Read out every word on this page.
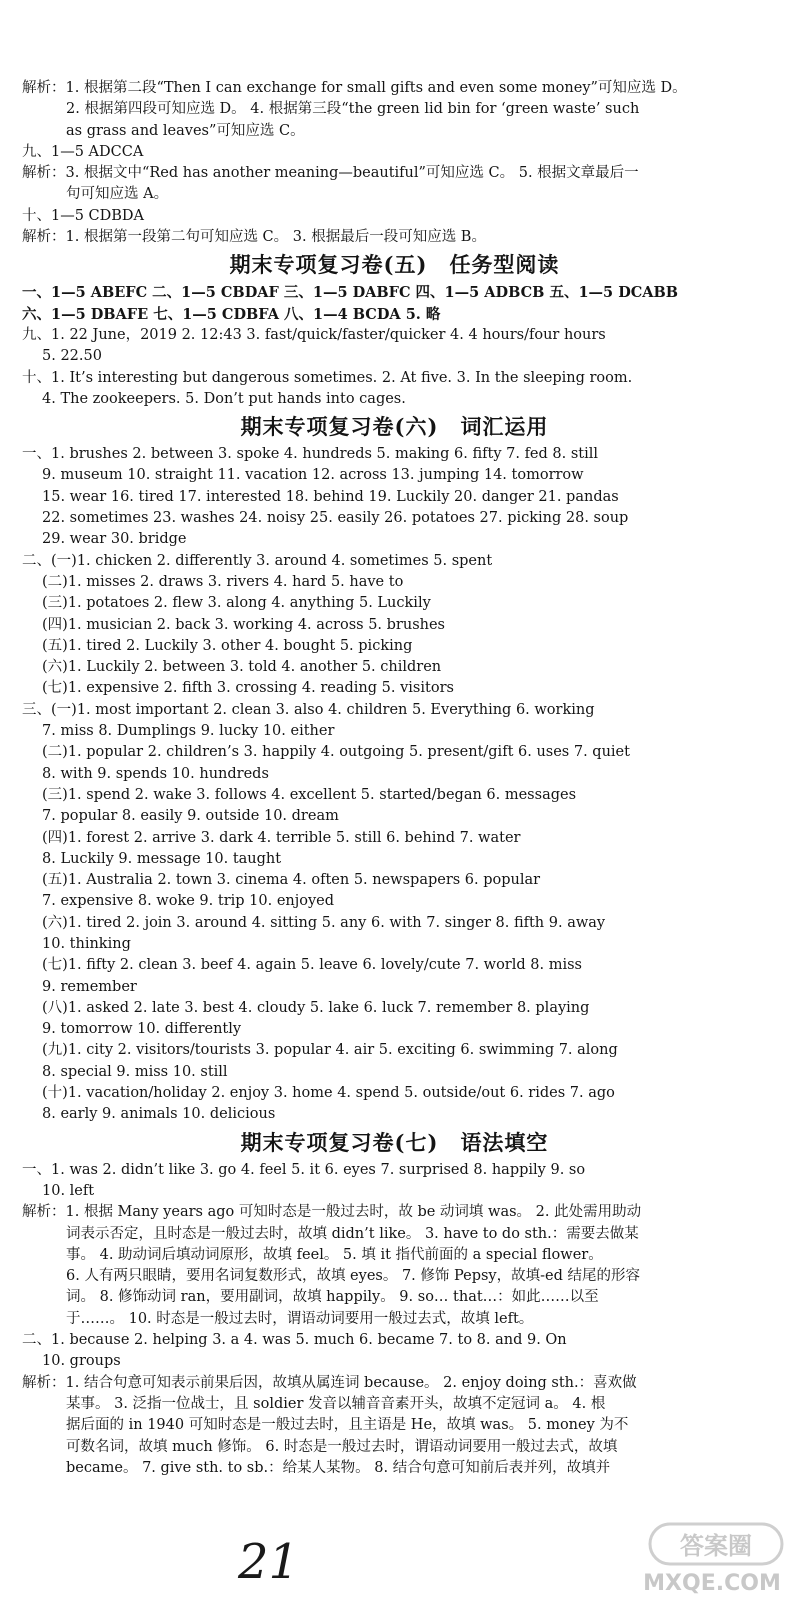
解析：1. 根据第二段“Then I can exchange for small gifts and even some money”可知应选 D。
2. 根据第四段可知应选 D。 4. 根据第三段“the green lid bin for ‘green waste’ such
as grass and leaves”可知应选 C。
九、1—5 ADCCA
解析：3. 根据文中“Red has another meaning—beautiful”可知应选 C。 5. 根据文章最后一
句可知应选 A。
十、1—5 CDBDA
解析：1. 根据第一段第二句可知应选 C。 3. 根据最后一段可知应选 B。
期末专项复习卷(五) 任务型阅读
一、1—5 ABEFC 二、1—5 CBDAF 三、1—5 DABFC 四、1—5 ADBCB 五、1—5 DCABB
六、1—5 DBAFE 七、1—5 CDBFA 八、1—4 BCDA 5. 略
九、1. 22 June，2019 2. 12:43 3. fast/quick/faster/quicker 4. 4 hours/four hours
5. 22.50
十、1. It’s interesting but dangerous sometimes. 2. At five. 3. In the sleeping room.
4. The zookeepers. 5. Don’t put hands into cages.
期末专项复习卷(六) 词汇运用
一、1. brushes 2. between 3. spoke 4. hundreds 5. making 6. fifty 7. fed 8. still
9. museum 10. straight 11. vacation 12. across 13. jumping 14. tomorrow
15. wear 16. tired 17. interested 18. behind 19. Luckily 20. danger 21. pandas
22. sometimes 23. washes 24. noisy 25. easily 26. potatoes 27. picking 28. soup
29. wear 30. bridge
二、(一)1. chicken 2. differently 3. around 4. sometimes 5. spent
(二)1. misses 2. draws 3. rivers 4. hard 5. have to
(三)1. potatoes 2. flew 3. along 4. anything 5. Luckily
(四)1. musician 2. back 3. working 4. across 5. brushes
(五)1. tired 2. Luckily 3. other 4. bought 5. picking
(六)1. Luckily 2. between 3. told 4. another 5. children
(七)1. expensive 2. fifth 3. crossing 4. reading 5. visitors
三、(一)1. most important 2. clean 3. also 4. children 5. Everything 6. working
7. miss 8. Dumplings 9. lucky 10. either
(二)1. popular 2. children’s 3. happily 4. outgoing 5. present/gift 6. uses 7. quiet
8. with 9. spends 10. hundreds
(三)1. spend 2. wake 3. follows 4. excellent 5. started/began 6. messages
7. popular 8. easily 9. outside 10. dream
(四)1. forest 2. arrive 3. dark 4. terrible 5. still 6. behind 7. water
8. Luckily 9. message 10. taught
(五)1. Australia 2. town 3. cinema 4. often 5. newspapers 6. popular
7. expensive 8. woke 9. trip 10. enjoyed
(六)1. tired 2. join 3. around 4. sitting 5. any 6. with 7. singer 8. fifth 9. away
10. thinking
(七)1. fifty 2. clean 3. beef 4. again 5. leave 6. lovely/cute 7. world 8. miss
9. remember
(八)1. asked 2. late 3. best 4. cloudy 5. lake 6. luck 7. remember 8. playing
9. tomorrow 10. differently
(九)1. city 2. visitors/tourists 3. popular 4. air 5. exciting 6. swimming 7. along
8. special 9. miss 10. still
(十)1. vacation/holiday 2. enjoy 3. home 4. spend 5. outside/out 6. rides 7. ago
8. early 9. animals 10. delicious
期末专项复习卷(七) 语法填空
一、1. was 2. didn’t like 3. go 4. feel 5. it 6. eyes 7. surprised 8. happily 9. so
10. left
解析：1. 根据 Many years ago 可知时态是一般过去时，故 be 动词填 was。 2. 此处需用助动
词表示否定，且时态是一般过去时，故填 didn’t like。 3. have to do sth.：需要去做某
事。 4. 助动词后填动词原形，故填 feel。 5. 填 it 指代前面的 a special flower。
6. 人有两只眼睛，要用名词复数形式，故填 eyes。 7. 修饰 Pepsy，故填-ed 结尾的形容
词。 8. 修饰动词 ran，要用副词，故填 happily。 9. so… that…：如此……以至
于……。 10. 时态是一般过去时，谓语动词要用一般过去式，故填 left。
二、1. because 2. helping 3. a 4. was 5. much 6. became 7. to 8. and 9. On
10. groups
解析：1. 结合句意可知表示前果后因，故填从属连词 because。 2. enjoy doing sth.：喜欢做
某事。 3. 泛指一位战士，且 soldier 发音以辅音音素开头，故填不定冠词 a。 4. 根
据后面的 in 1940 可知时态是一般过去时，且主语是 He，故填 was。 5. money 为不
可数名词，故填 much 修饰。 6. 时态是一般过去时，谓语动词要用一般过去式，故填
became。 7. give sth. to sb.：给某人某物。 8. 结合句意可知前后表并列，故填并
21	答案圈
MXQE.COM
